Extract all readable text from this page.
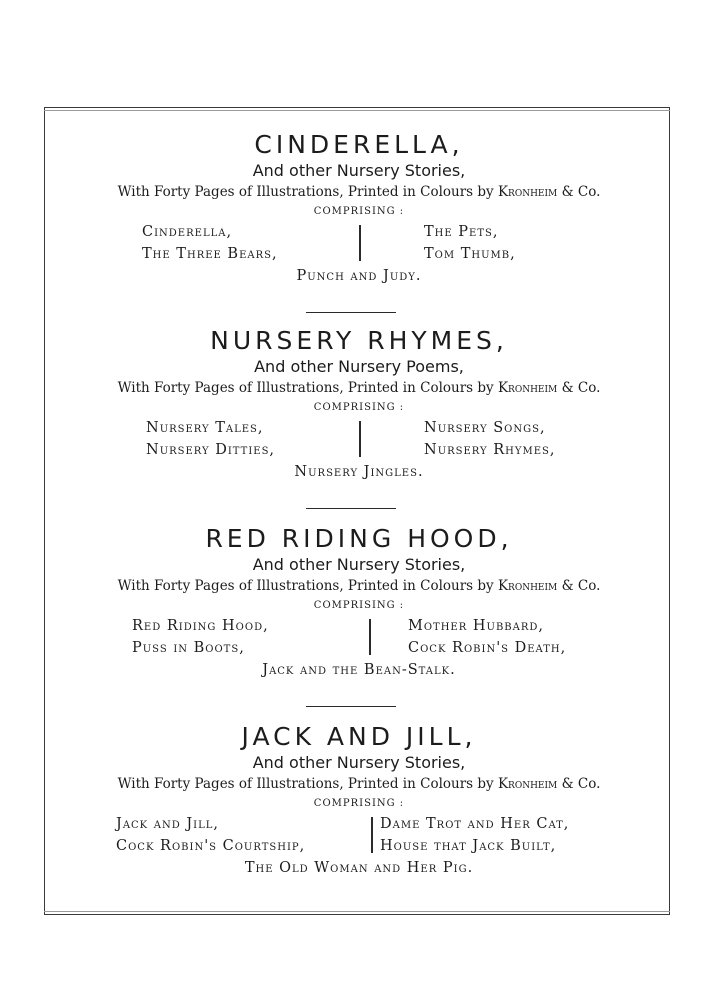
CINDERELLA,

And other Nursery Stories,

With Forty Pages of Illustrations, Printed in Colours by Kronheim & Co.

COMPRISING :

Cinderella,
The Three Bears,
The Pets,
Tom Thumb,

Punch and Judy.

NURSERY RHYMES,

And other Nursery Poems,

With Forty Pages of Illustrations, Printed in Colours by Kronheim & Co.

COMPRISING :

Nursery Tales,
Nursery Ditties,
Nursery Songs,
Nursery Rhymes,

Nursery Jingles.

RED RIDING HOOD,

And other Nursery Stories,

With Forty Pages of Illustrations, Printed in Colours by Kronheim & Co.

COMPRISING :

Red Riding Hood,
Puss in Boots,
Mother Hubbard,
Cock Robin's Death,

Jack and the Bean-Stalk.

JACK AND JILL,

And other Nursery Stories,

With Forty Pages of Illustrations, Printed in Colours by Kronheim & Co.

COMPRISING :

Jack and Jill,
Cock Robin's Courtship,
Dame Trot and Her Cat,
House that Jack Built,

The Old Woman and Her Pig.
